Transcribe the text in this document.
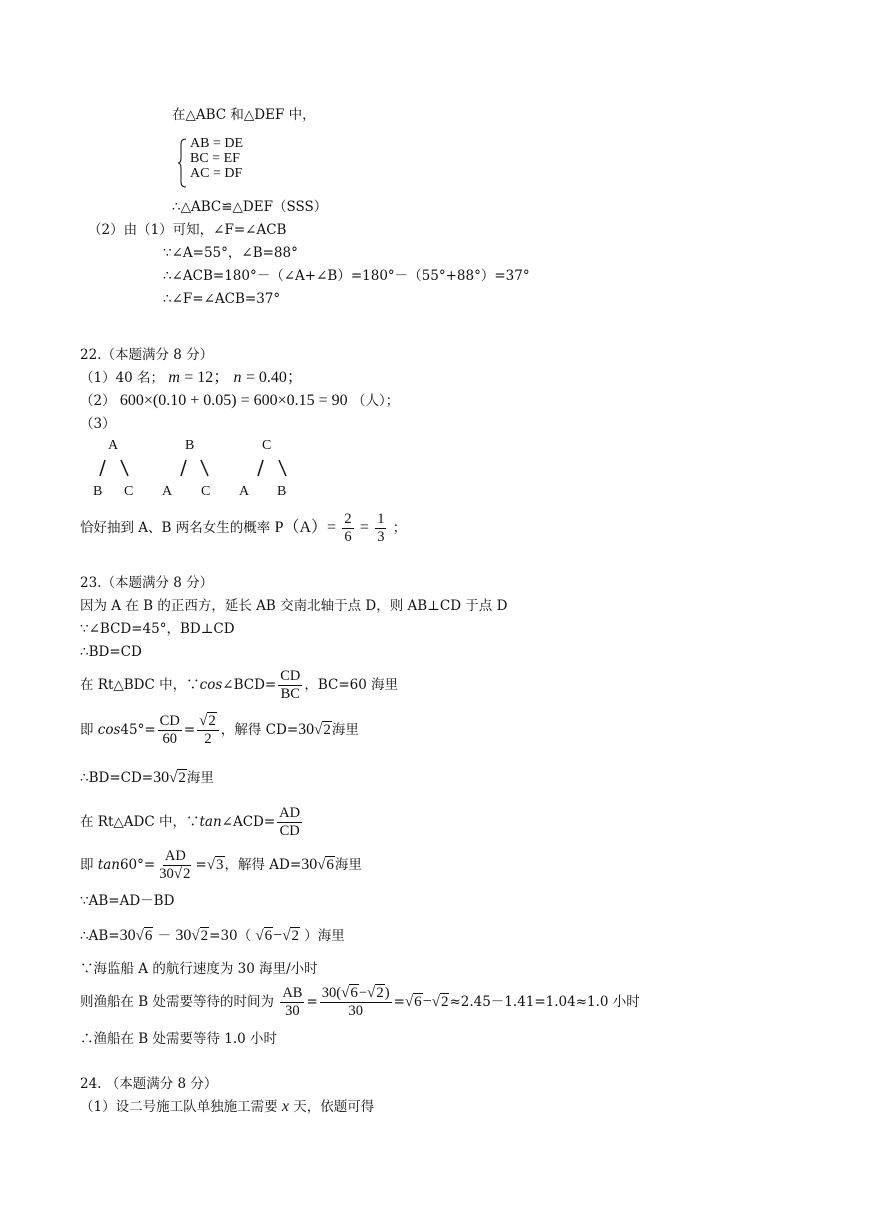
在△ABC 和△DEF 中，
AB = DE
BC = EF
AC = DF
∴△ABC≌△DEF（SSS）
（2）由（1）可知，∠F=∠ACB
∵∠A=55°，∠B=88°
∴∠ACB=180°－（∠A+∠B）=180°－（55°+88°）=37°
∴∠F=∠ACB=37°
22.（本题满分 8 分）
（1）40 名； m = 12； n = 0.40；
（2） 600×(0.10 + 0.05) = 600×0.15 = 90 （人）；
（3）
A	B	C
B C A C A B
恰好抽到 A、B 两名女生的概率 $P(A)= \frac{2}{6} = \frac{1}{3}$ ；
23.（本题满分 8 分）
因为 A 在 B 的正西方，延长 AB 交南北轴于点 D，则 AB⊥CD 于点 D
∵∠BCD=45°，BD⊥CD
∴BD=CD
在 Rt△BDC 中，∵cos∠BCD= $\frac{CD}{BC}$ ，BC=60 海里
即 $\cos 45^\circ= \frac{CD}{60} = \frac{√2}{2}$ ，解得 CD=30√2海里
∴BD=CD=30√2海里
在 Rt△ADC 中，∵tan∠ACD= $\frac{AD}{CD}$
即 $\tan 60^\circ= \frac{AD}{30√2} =√3$，解得 AD=30√6海里
∵AB=AD－BD
∴AB=30√6 － 30√2=30（ √6−√2 ）海里
∵海监船 A 的航行速度为 30 海里/小时
则渔船在 B 处需要等待的时间为 $\frac{AB}{30} = \frac{30(√6-√2)}{30} =√6-√2\approx 2.45-1.41=1.04\approx 1.0$ 小时
∴渔船在 B 处需要等待 1.0 小时
24. （本题满分 8 分）
（1）设二号施工队单独施工需要 x 天，依题可得
